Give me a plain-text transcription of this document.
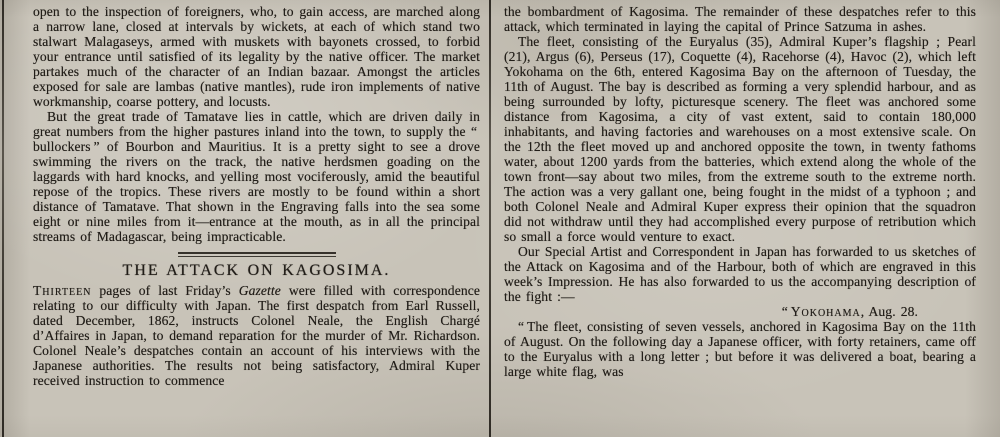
open to the inspection of foreigners, who, to gain access, are marched along a narrow lane, closed at intervals by wickets, at each of which stand two stalwart Malagaseys, armed with muskets with bayonets crossed, to forbid your entrance until satisfied of its legality by the native officer. The market partakes much of the character of an Indian bazaar. Amongst the articles exposed for sale are lambas (native mantles), rude iron implements of native workmanship, coarse pottery, and locusts.

But the great trade of Tamatave lies in cattle, which are driven daily in great numbers from the higher pastures inland into the town, to supply the “ bullockers ” of Bourbon and Mauritius. It is a pretty sight to see a drove swimming the rivers on the track, the native herdsmen goading on the laggards with hard knocks, and yelling most vociferously, amid the beautiful repose of the tropics. These rivers are mostly to be found within a short distance of Tamatave. That shown in the Engraving falls into the sea some eight or nine miles from it—entrance at the mouth, as in all the principal streams of Madagascar, being impracticable.

THE ATTACK ON KAGOSIMA.

Thirteen pages of last Friday’s Gazette were filled with correspondence relating to our difficulty with Japan. The first despatch from Earl Russell, dated December, 1862, instructs Colonel Neale, the English Chargé d’Affaires in Japan, to demand reparation for the murder of Mr. Richardson. Colonel Neale’s despatches contain an account of his interviews with the Japanese authorities. The results not being satisfactory, Admiral Kuper received instruction to commence

the bombardment of Kagosima. The remainder of these despatches refer to this attack, which terminated in laying the capital of Prince Satzuma in ashes.

The fleet, consisting of the Euryalus (35), Admiral Kuper’s flagship ; Pearl (21), Argus (6), Perseus (17), Coquette (4), Racehorse (4), Havoc (2), which left Yokohama on the 6th, entered Kagosima Bay on the afternoon of Tuesday, the 11th of August. The bay is described as forming a very splendid harbour, and as being surrounded by lofty, picturesque scenery. The fleet was anchored some distance from Kagosima, a city of vast extent, said to contain 180,000 inhabitants, and having factories and warehouses on a most extensive scale. On the 12th the fleet moved up and anchored opposite the town, in twenty fathoms water, about 1200 yards from the batteries, which extend along the whole of the town front—say about two miles, from the extreme south to the extreme north. The action was a very gallant one, being fought in the midst of a typhoon ; and both Colonel Neale and Admiral Kuper express their opinion that the squadron did not withdraw until they had accomplished every purpose of retribution which so small a force would venture to exact.

Our Special Artist and Correspondent in Japan has forwarded to us sketches of the Attack on Kagosima and of the Harbour, both of which are engraved in this week’s Impression. He has also forwarded to us the accompanying description of the fight :—

“ Yokohama, Aug. 28.

“ The fleet, consisting of seven vessels, anchored in Kagosima Bay on the 11th of August. On the following day a Japanese officer, with forty retainers, came off to the Euryalus with a long letter ; but before it was delivered a boat, bearing a large white flag, was
